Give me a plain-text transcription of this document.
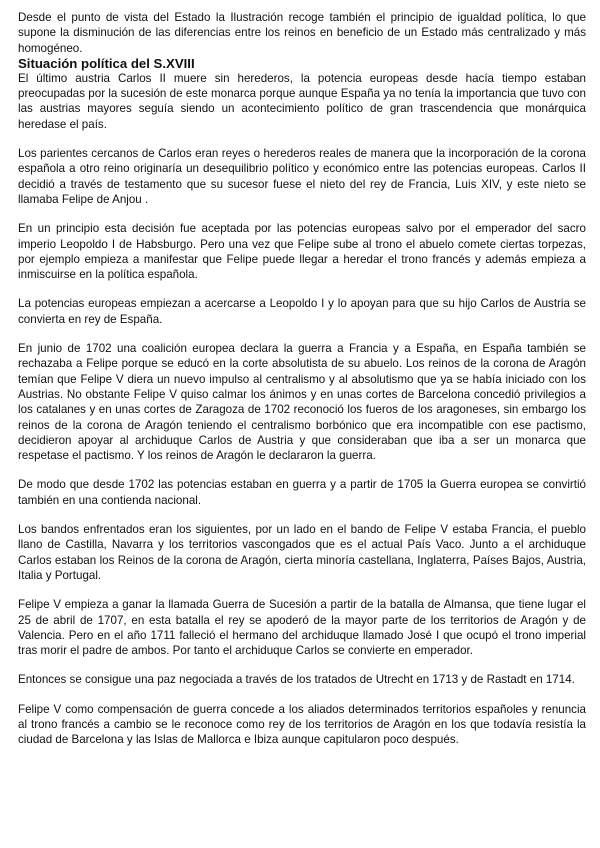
Desde el punto de vista del Estado la Ilustración recoge también el principio de igualdad política, lo que supone la disminución de las diferencias entre los reinos en beneficio de un Estado más centralizado y más homogéneo.

Situación política del S.XVIII

El último austria Carlos II muere sin herederos, la potencia europeas desde hacía tiempo estaban preocupadas por la sucesión de este monarca porque aunque España ya no tenía la importancia que tuvo con las austrias mayores seguía siendo un acontecimiento político de gran trascendencia que monárquica heredase el país.

Los parientes cercanos de Carlos eran reyes o herederos reales de manera que la incorporación de la corona española a otro reino originaría un desequilibrio político y económico entre las potencias europeas. Carlos II decidió a través de testamento que su sucesor fuese el nieto del rey de Francia, Luis XIV, y este nieto se llamaba Felipe de Anjou .

En un principio esta decisión fue aceptada por las potencias europeas salvo por el emperador del sacro imperio Leopoldo I de Habsburgo. Pero una vez que Felipe sube al trono el abuelo comete ciertas torpezas, por ejemplo empieza a manifestar que Felipe puede llegar a heredar el trono francés y además empieza a inmiscuirse en la política española.

La potencias europeas empiezan a acercarse a Leopoldo I y lo apoyan para que su hijo Carlos de Austria se convierta en rey de España.

En junio de 1702 una coalición europea declara la guerra a Francia y a España, en España también se rechazaba a Felipe porque se educó en la corte absolutista de su abuelo. Los reinos de la corona de Aragón temían que Felipe V diera un nuevo impulso al centralismo y al absolutismo que ya se había iniciado con los Austrias. No obstante Felipe V quiso calmar los ánimos y en unas cortes de Barcelona concedió privilegios a los catalanes y en unas cortes de Zaragoza de 1702 reconoció los fueros de los aragoneses, sin embargo los reinos de la corona de Aragón teniendo el centralismo borbónico que era incompatible con ese pactismo, decidieron apoyar al archiduque Carlos de Austria y que consideraban que iba a ser un monarca que respetase el pactismo. Y los reinos de Aragón le declararon la guerra.

De modo que desde 1702 las potencias estaban en guerra y a partir de 1705 la Guerra europea se convirtió también en una contienda nacional.

Los bandos enfrentados eran los siguientes, por un lado en el bando de Felipe V estaba Francia, el pueblo llano de Castilla, Navarra y los territorios vascongados que es el actual País Vaco. Junto a el archiduque Carlos estaban los Reinos de la corona de Aragón, cierta minoría castellana, Inglaterra, Países Bajos, Austria, Italia y Portugal.

Felipe V empieza a ganar la llamada Guerra de Sucesión a partir de la batalla de Almansa, que tiene lugar el 25 de abril de 1707, en esta batalla el rey se apoderó de la mayor parte de los territorios de Aragón y de Valencia. Pero en el año 1711 falleció el hermano del archiduque llamado José I que ocupó el trono imperial tras morir el padre de ambos. Por tanto el archiduque Carlos se convierte en emperador.

Entonces se consigue una paz negociada a través de los tratados de Utrecht en 1713 y de Rastadt en 1714.

Felipe V como compensación de guerra concede a los aliados determinados territorios españoles y renuncia al trono francés a cambio se le reconoce como rey de los territorios de Aragón en los que todavía resistía la ciudad de Barcelona y las Islas de Mallorca e Ibiza aunque capitularon poco después.
